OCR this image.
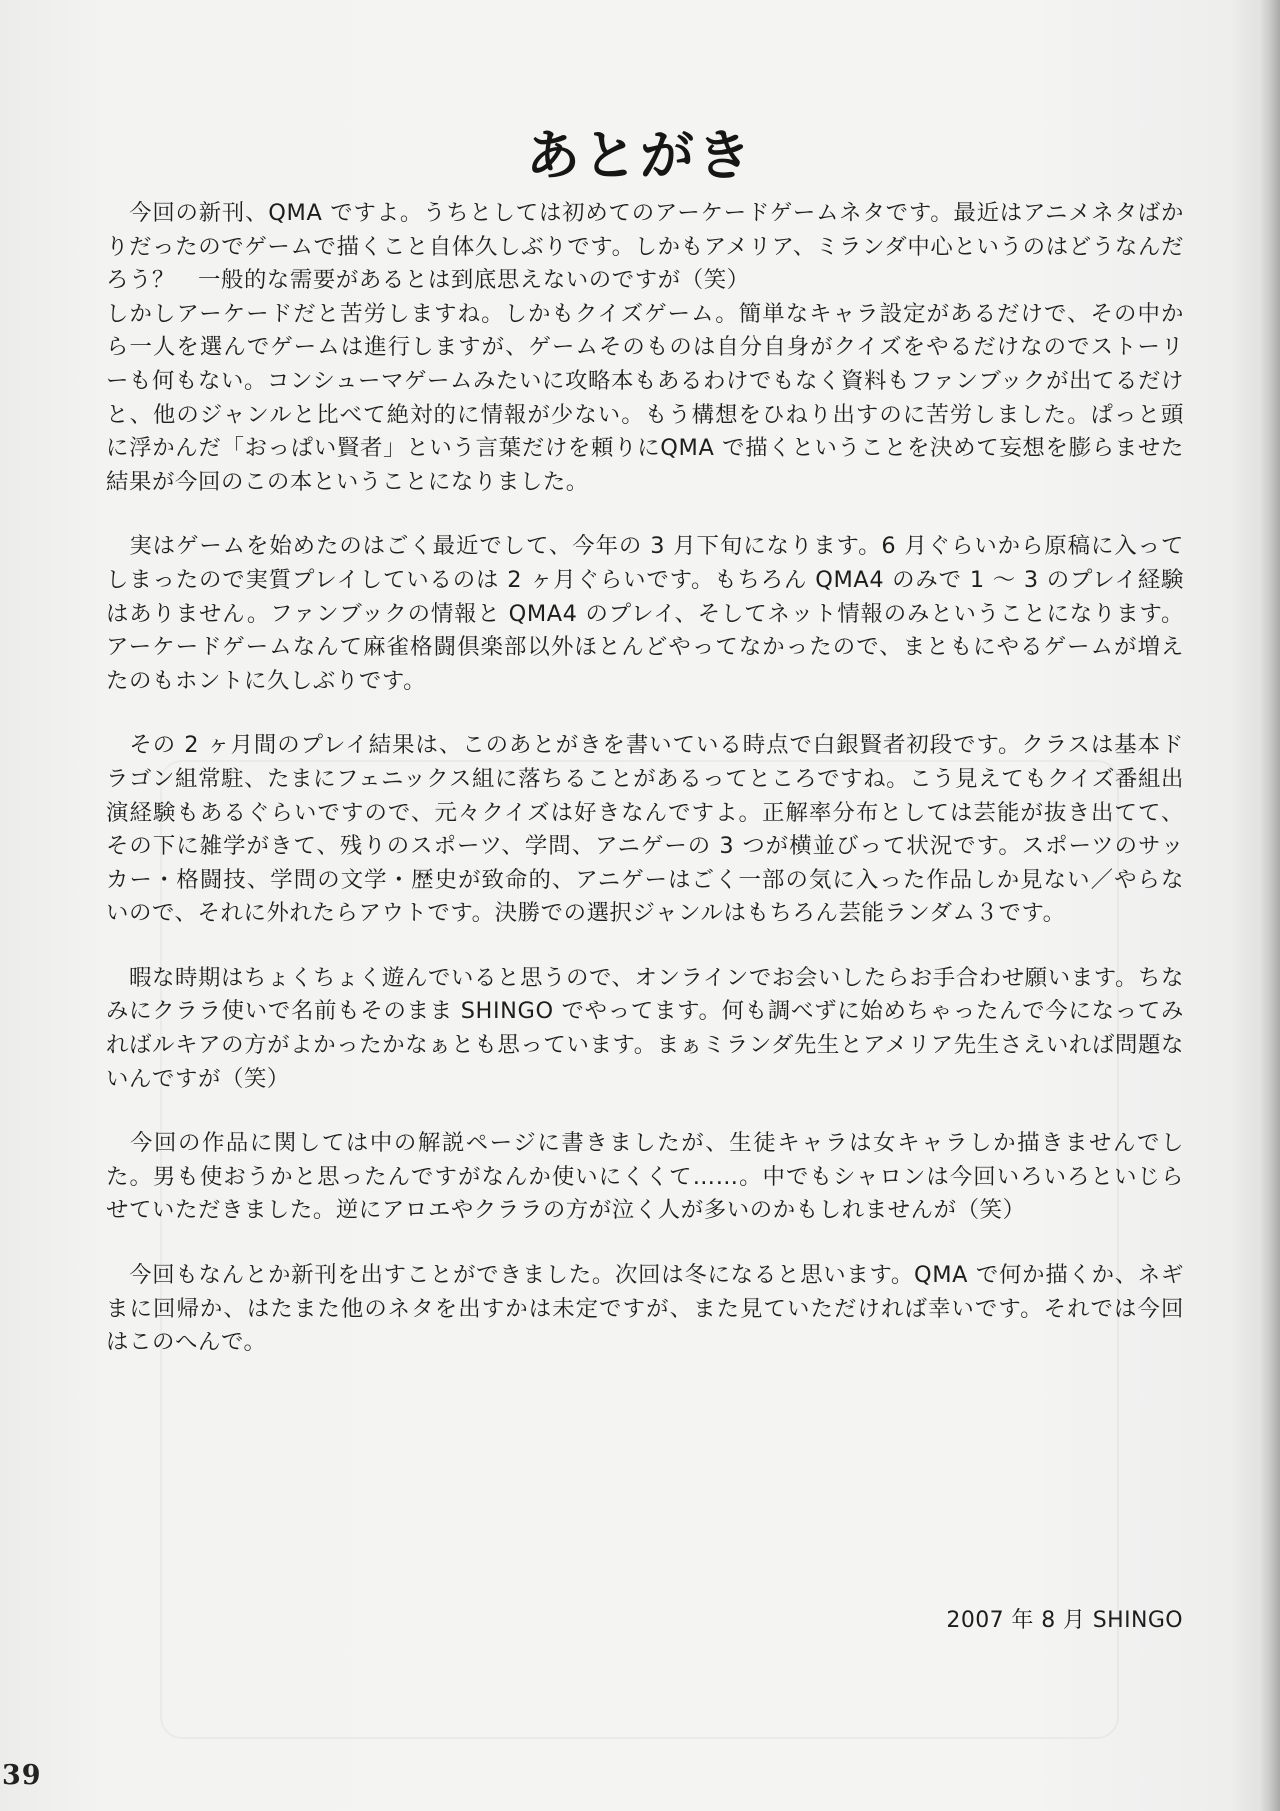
あとがき

　今回の新刊、QMA ですよ。うちとしては初めてのアーケードゲームネタです。最近はアニメネタばかりだったのでゲームで描くこと自体久しぶりです。しかもアメリア、ミランダ中心というのはどうなんだろう？　一般的な需要があるとは到底思えないのですが（笑）
しかしアーケードだと苦労しますね。しかもクイズゲーム。簡単なキャラ設定があるだけで、その中から一人を選んでゲームは進行しますが、ゲームそのものは自分自身がクイズをやるだけなのでストーリーも何もない。コンシューマゲームみたいに攻略本もあるわけでもなく資料もファンブックが出てるだけと、他のジャンルと比べて絶対的に情報が少ない。もう構想をひねり出すのに苦労しました。ぱっと頭に浮かんだ「おっぱい賢者」という言葉だけを頼りにQMA で描くということを決めて妄想を膨らませた結果が今回のこの本ということになりました。

　実はゲームを始めたのはごく最近でして、今年の 3 月下旬になります。6 月ぐらいから原稿に入ってしまったので実質プレイしているのは 2 ヶ月ぐらいです。もちろん QMA4 のみで 1 ～ 3 のプレイ経験はありません。ファンブックの情報と QMA4 のプレイ、そしてネット情報のみということになります。アーケードゲームなんて麻雀格闘倶楽部以外ほとんどやってなかったので、まともにやるゲームが増えたのもホントに久しぶりです。

　その 2 ヶ月間のプレイ結果は、このあとがきを書いている時点で白銀賢者初段です。クラスは基本ドラゴン組常駐、たまにフェニックス組に落ちることがあるってところですね。こう見えてもクイズ番組出演経験もあるぐらいですので、元々クイズは好きなんですよ。正解率分布としては芸能が抜き出てて、その下に雑学がきて、残りのスポーツ、学問、アニゲーの 3 つが横並びって状況です。スポーツのサッカー・格闘技、学問の文学・歴史が致命的、アニゲーはごく一部の気に入った作品しか見ない／やらないので、それに外れたらアウトです。決勝での選択ジャンルはもちろん芸能ランダム３です。

　暇な時期はちょくちょく遊んでいると思うので、オンラインでお会いしたらお手合わせ願います。ちなみにクララ使いで名前もそのまま SHINGO でやってます。何も調べずに始めちゃったんで今になってみればルキアの方がよかったかなぁとも思っています。まぁミランダ先生とアメリア先生さえいれば問題ないんですが（笑）

　今回の作品に関しては中の解説ページに書きましたが、生徒キャラは女キャラしか描きませんでした。男も使おうかと思ったんですがなんか使いにくくて……。中でもシャロンは今回いろいろといじらせていただきました。逆にアロエやクララの方が泣く人が多いのかもしれませんが（笑）

　今回もなんとか新刊を出すことができました。次回は冬になると思います。QMA で何か描くか、ネギまに回帰か、はたまた他のネタを出すかは未定ですが、また見ていただければ幸いです。それでは今回はこのへんで。

2007 年 8 月 SHINGO
39
